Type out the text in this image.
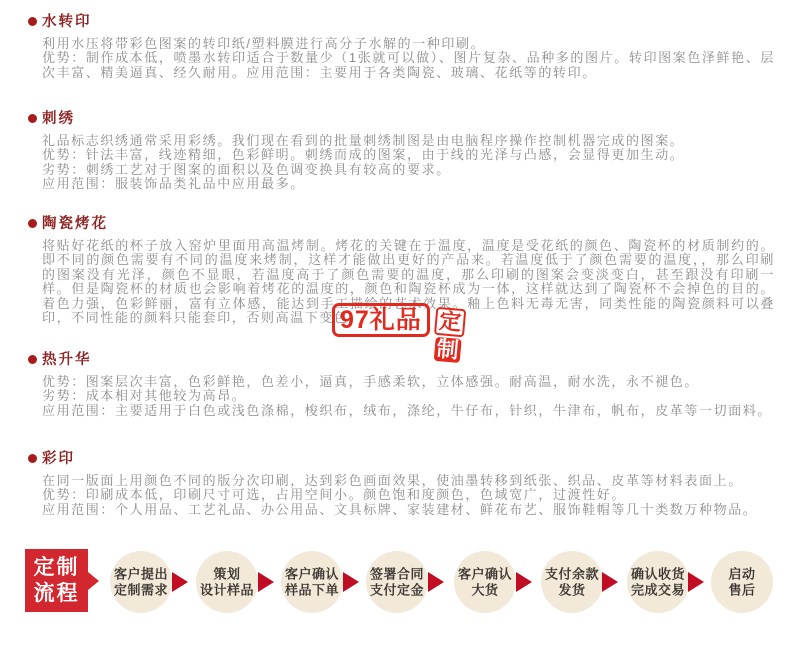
水转印
利用水压将带彩色图案的转印纸/塑料膜进行高分子水解的一种印刷。
优势：制作成本低，喷墨水转印适合于数量少（1张就可以做）、图片复杂、品种多的图片。转印图案色泽鲜艳、层次丰富、精美逼真、经久耐用。应用范围：主要用于各类陶瓷、玻璃、花纸等的转印。
刺绣
礼品标志织绣通常采用彩绣。我们现在看到的批量刺绣制图是由电脑程序操作控制机器完成的图案。
优势：针法丰富，线迹精细，色彩鲜明。刺绣而成的图案，由于线的光泽与凸感，会显得更加生动。
劣势：刺绣工艺对于图案的面积以及色调变换具有较高的要求。
应用范围：服装饰品类礼品中应用最多。
陶瓷烤花
将贴好花纸的杯子放入窑炉里面用高温烤制。烤花的关键在于温度，温度是受花纸的颜色、陶瓷杯的材质制约的。即不同的颜色需要有不同的温度来烤制，这样才能做出更好的产品来。若温度低于了颜色需要的温度，，那么印刷的图案没有光泽，颜色不显眼，若温度高于了颜色需要的温度，那么印刷的图案会变淡变白，甚至跟没有印刷一样。但是陶瓷杯的材质也会影响着烤花的温度的，颜色和陶瓷杯成为一体，这样就达到了陶瓷杯不会掉色的目的。着色力强，色彩鲜丽，富有立体感，能达到手工描绘的艺术效果。釉上色料无毒无害，同类性能的陶瓷颜料可以叠印，不同性能的颜料只能套印，否则高温下变色。
热升华
优势：图案层次丰富，色彩鲜艳，色差小，逼真，手感柔软，立体感强。耐高温，耐水洗，永不褪色。
劣势：成本相对其他较为高昂。
应用范围：主要适用于白色或浅色涤棉，梭织布，绒布，涤纶，牛仔布，针织，牛津布，帆布，皮革等一切面料。
彩印
在同一版面上用颜色不同的版分次印刷，达到彩色画面效果，使油墨转移到纸张、织品、皮革等材料表面上。
优势：印刷成本低，印刷尺寸可选，占用空间小。颜色饱和度颜色，色域宽广，过渡性好。
应用范围：个人用品、工艺礼品、办公用品、文具标牌、家装建材、鲜花布艺、服饰鞋帽等几十类数万种物品。
97礼品 定 制
定制
流程
客户提出
定制需求
策划
设计样品
客户确认
样品下单
签署合同
支付定金
客户确认
大货
支付余款
发货
确认收货
完成交易
启动
售后
